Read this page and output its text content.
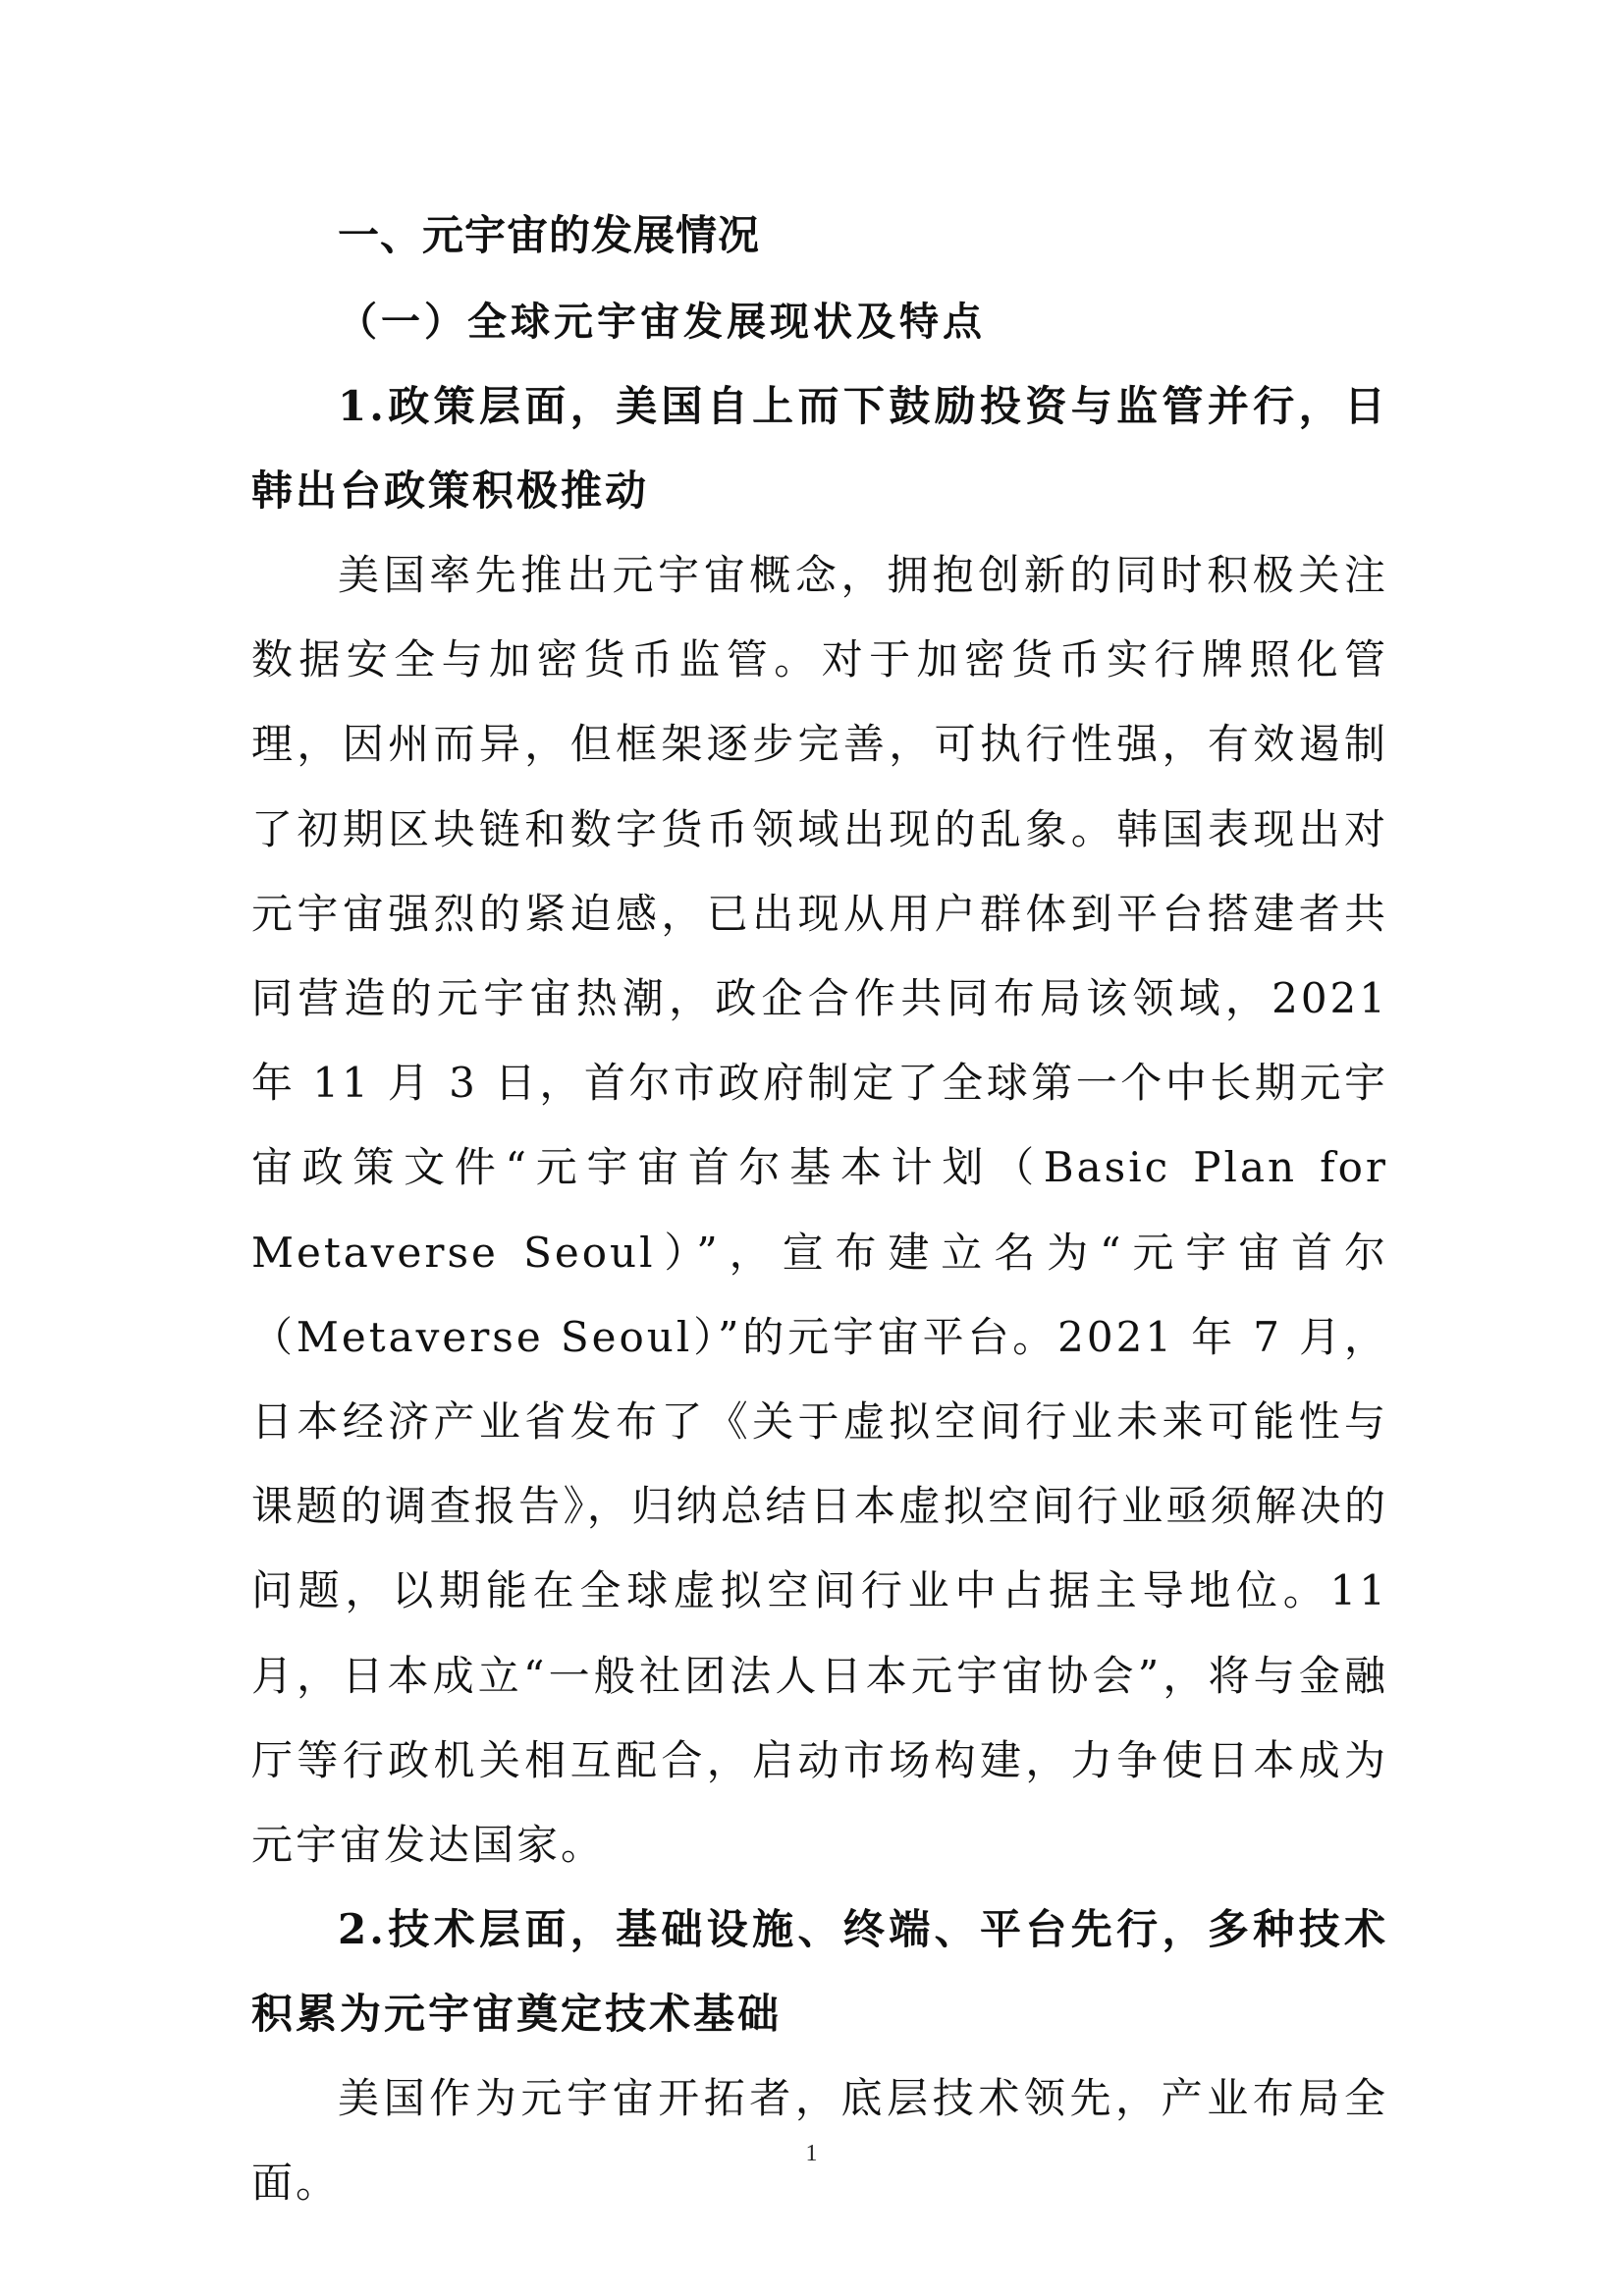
一、元宇宙的发展情况

（一）全球元宇宙发展现状及特点

1.政策层面，美国自上而下鼓励投资与监管并行，日韩出台政策积极推动

美国率先推出元宇宙概念，拥抱创新的同时积极关注数据安全与加密货币监管。对于加密货币实行牌照化管理，因州而异，但框架逐步完善，可执行性强，有效遏制了初期区块链和数字货币领域出现的乱象。韩国表现出对元宇宙强烈的紧迫感，已出现从用户群体到平台搭建者共同营造的元宇宙热潮，政企合作共同布局该领域，2021 年 11 月 3 日，首尔市政府制定了全球第一个中长期元宇宙政策文件“元宇宙首尔基本计划（Basic Plan for Metaverse Seoul）”，宣布建立名为“元宇宙首尔（Metaverse Seoul）”的元宇宙平台。2021 年 7 月，日本经济产业省发布了《关于虚拟空间行业未来可能性与课题的调查报告》，归纳总结日本虚拟空间行业亟须解决的问题，以期能在全球虚拟空间行业中占据主导地位。11 月，日本成立“一般社团法人日本元宇宙协会”，将与金融厅等行政机关相互配合，启动市场构建，力争使日本成为元宇宙发达国家。

2.技术层面，基础设施、终端、平台先行，多种技术积累为元宇宙奠定技术基础

美国作为元宇宙开拓者，底层技术领先，产业布局全面。

1
